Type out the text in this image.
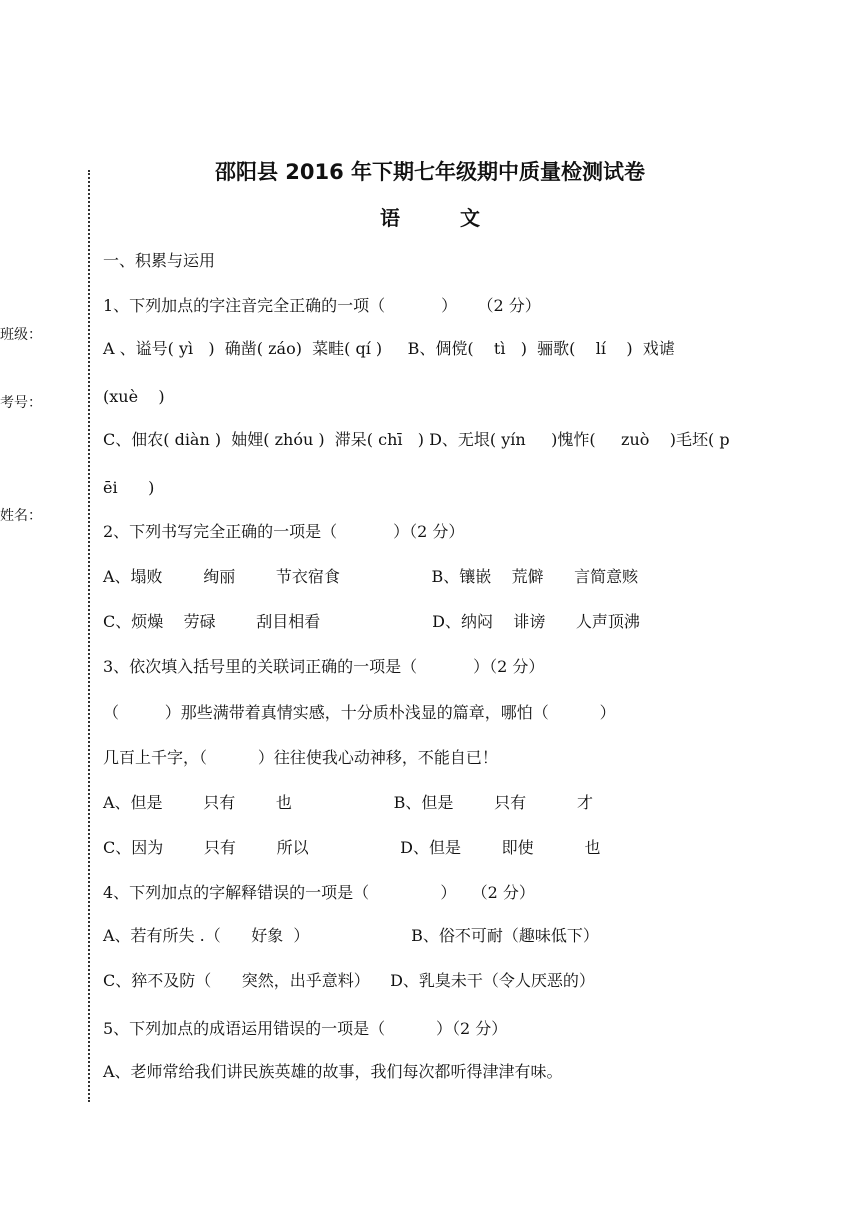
班级：
考号：
姓名：
邵阳县 2016 年下期七年级期中质量检测试卷
语文
一、积累与运用
1、下列加点的字注音完全正确的一项（           ）    （2 分）
A 、谥号( yì   )  确凿( záo)  菜畦( qí )     B、倜傥(    tì   )  骊歌(    lí    )  戏谑
(xuè    )
C、佃农( diàn )  妯娌( zhóu )  滞呆( chī   ) D、无垠( yín     )愧怍(     zuò    )毛坯( p
ēi      )
2、下列书写完全正确的一项是（           ）（2 分）
A、塌败        绚丽        节衣宿食                  B、镶嵌    荒僻      言简意赅
C、烦燥    劳碌        刮目相看                      D、纳闷    诽谤      人声顶沸
3、依次填入括号里的关联词正确的一项是（           ）（2 分）
（         ）那些满带着真情实感，十分质朴浅显的篇章，哪怕（          ）
几百上千字，（          ）往往使我心动神移，不能自已！
A、但是        只有        也                    B、但是        只有          才
C、因为        只有        所以                  D、但是        即使          也
4、下列加点的字解释错误的一项是（              ）   （2 分）
A、若有所失 .（      好象  ）                    B、俗不可耐（趣味低下）
C、猝不及防（      突然，出乎意料）    D、乳臭未干（令人厌恶的）
5、下列加点的成语运用错误的一项是（          ）（2 分）
A、老师常给我们讲民族英雄的故事，我们每次都听得津津有味。
